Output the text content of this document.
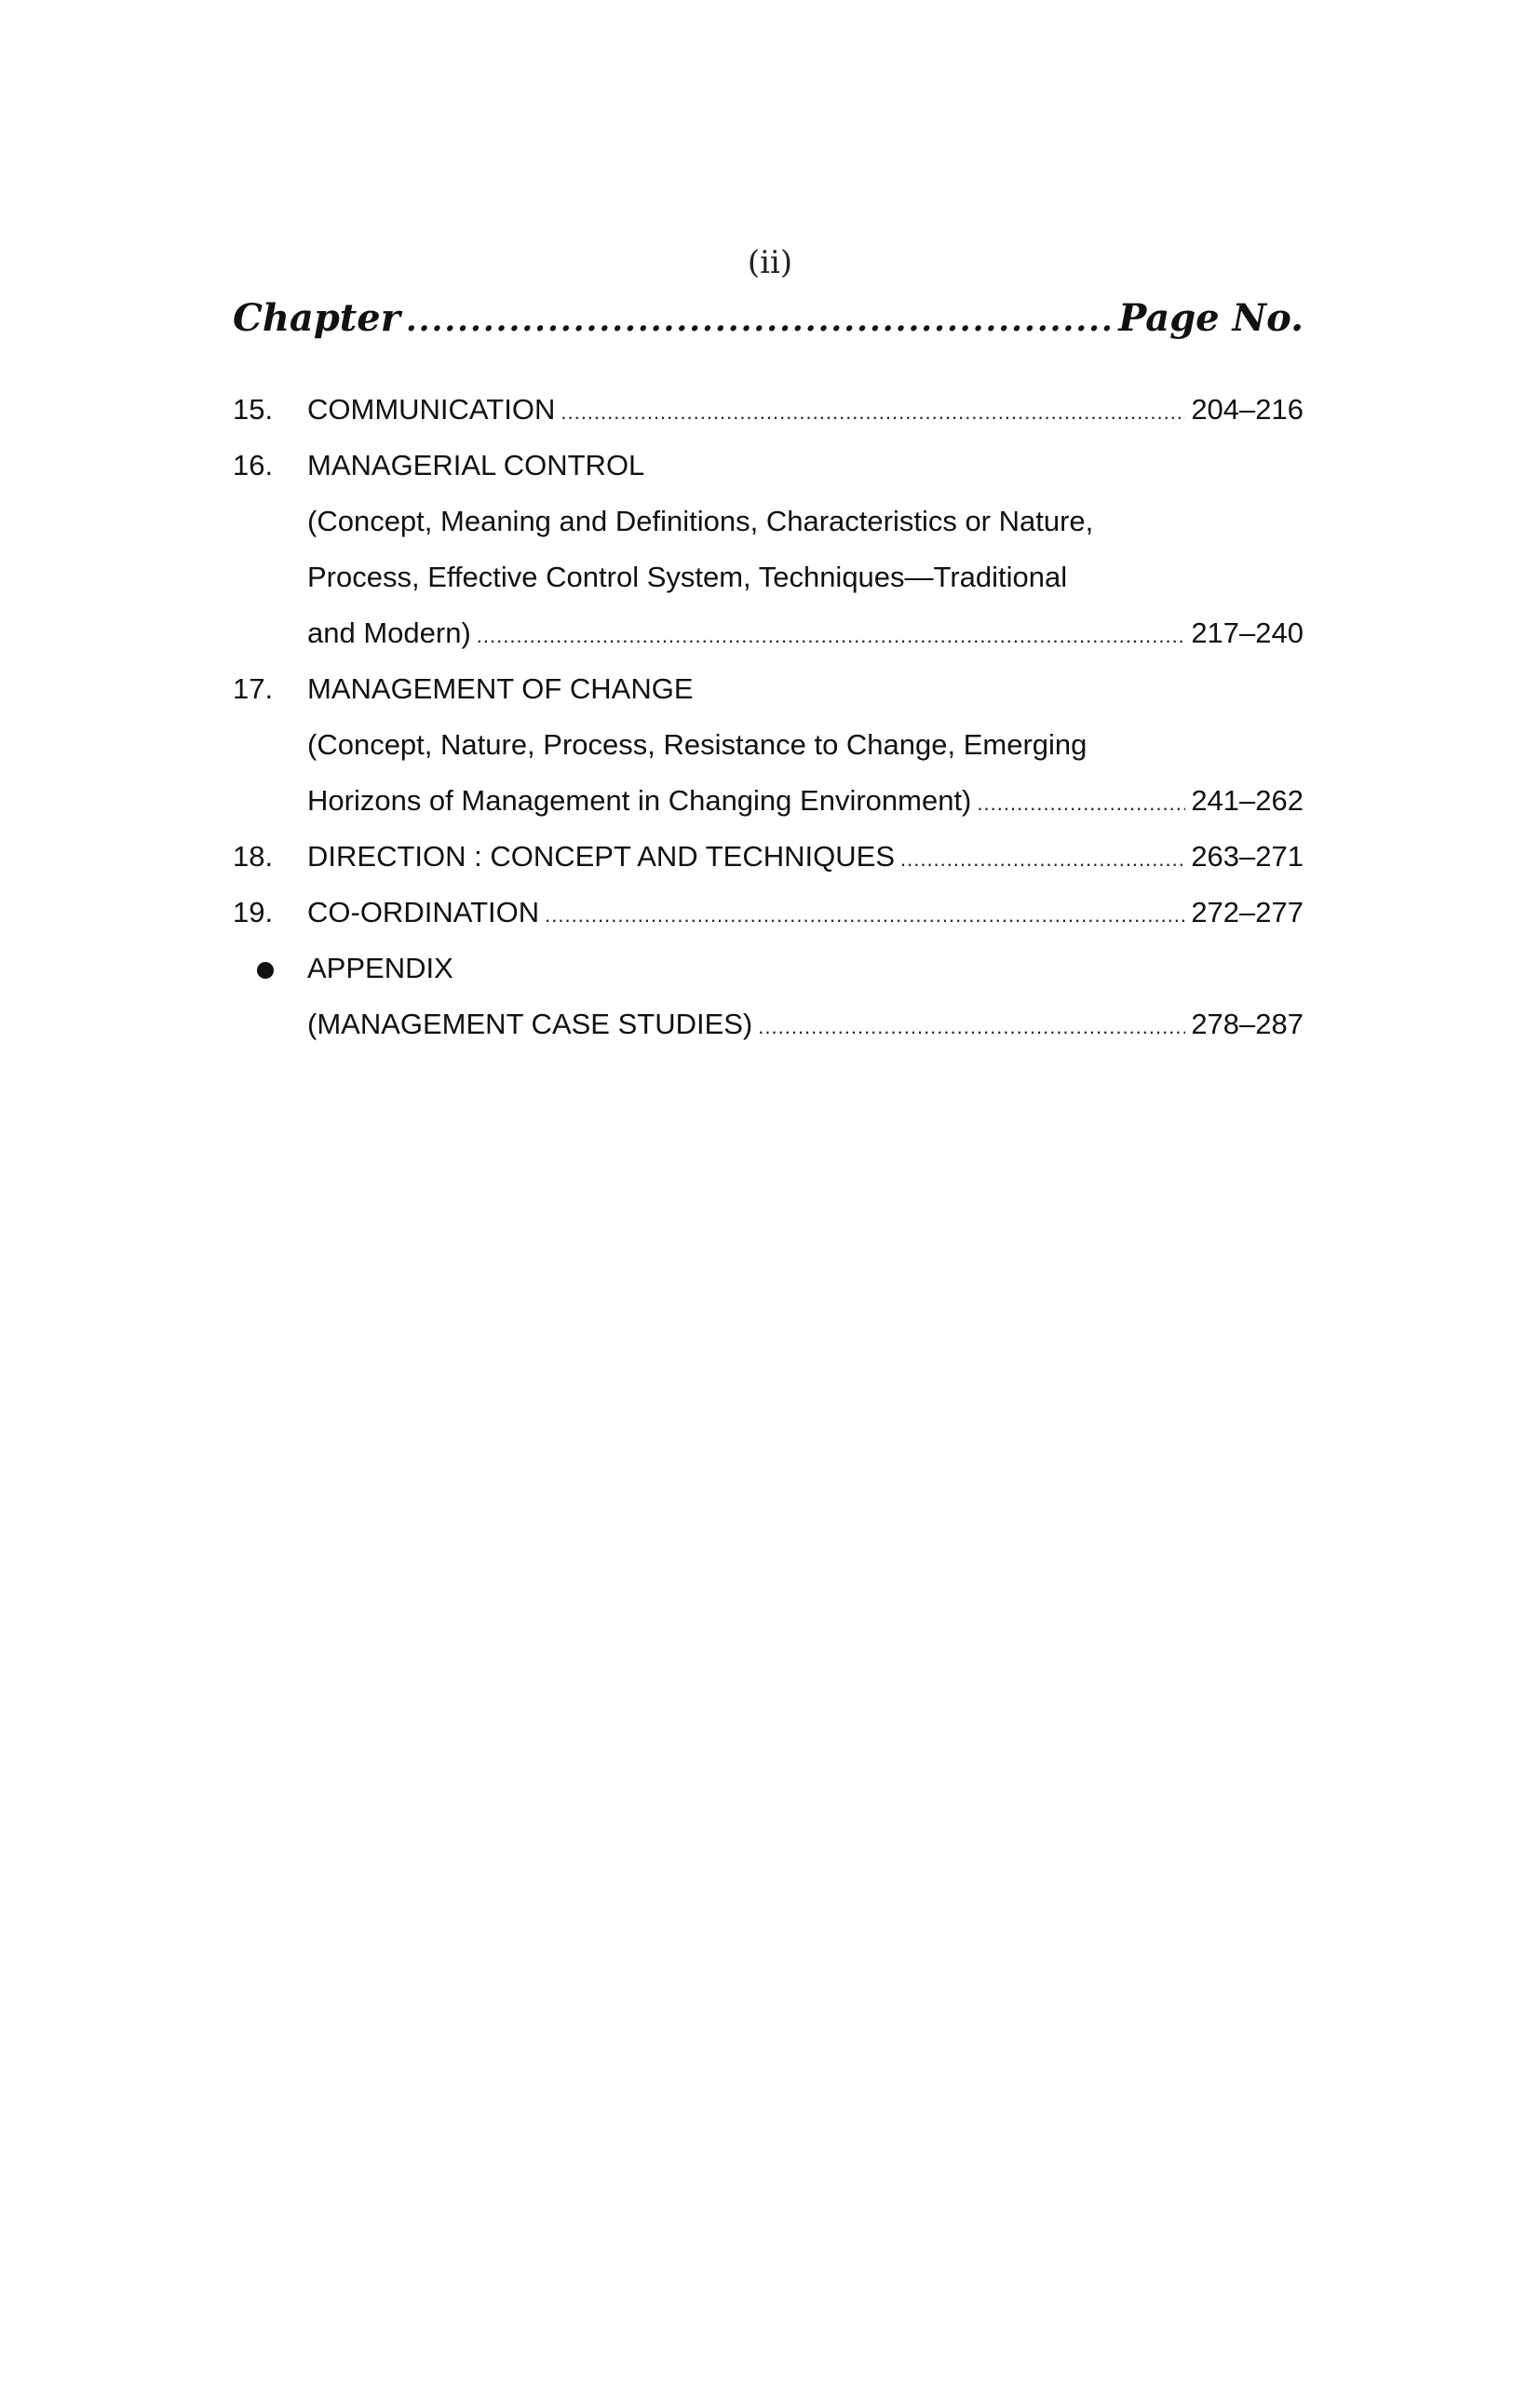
(ii)
Chapter .....	Page No.
15.	COMMUNICATION .....	204–216
16.	MANAGERIAL CONTROL
(Concept, Meaning and Definitions, Characteristics or Nature,
Process, Effective Control System, Techniques—Traditional
and Modern) .....	217–240
17.	MANAGEMENT OF CHANGE
(Concept, Nature, Process, Resistance to Change, Emerging
Horizons of Management in Changing Environment) .....	241–262
18.	DIRECTION : CONCEPT AND TECHNIQUES .....	263–271
19.	CO-ORDINATION .....	272–277
APPENDIX
(MANAGEMENT CASE STUDIES) .....	278–287
